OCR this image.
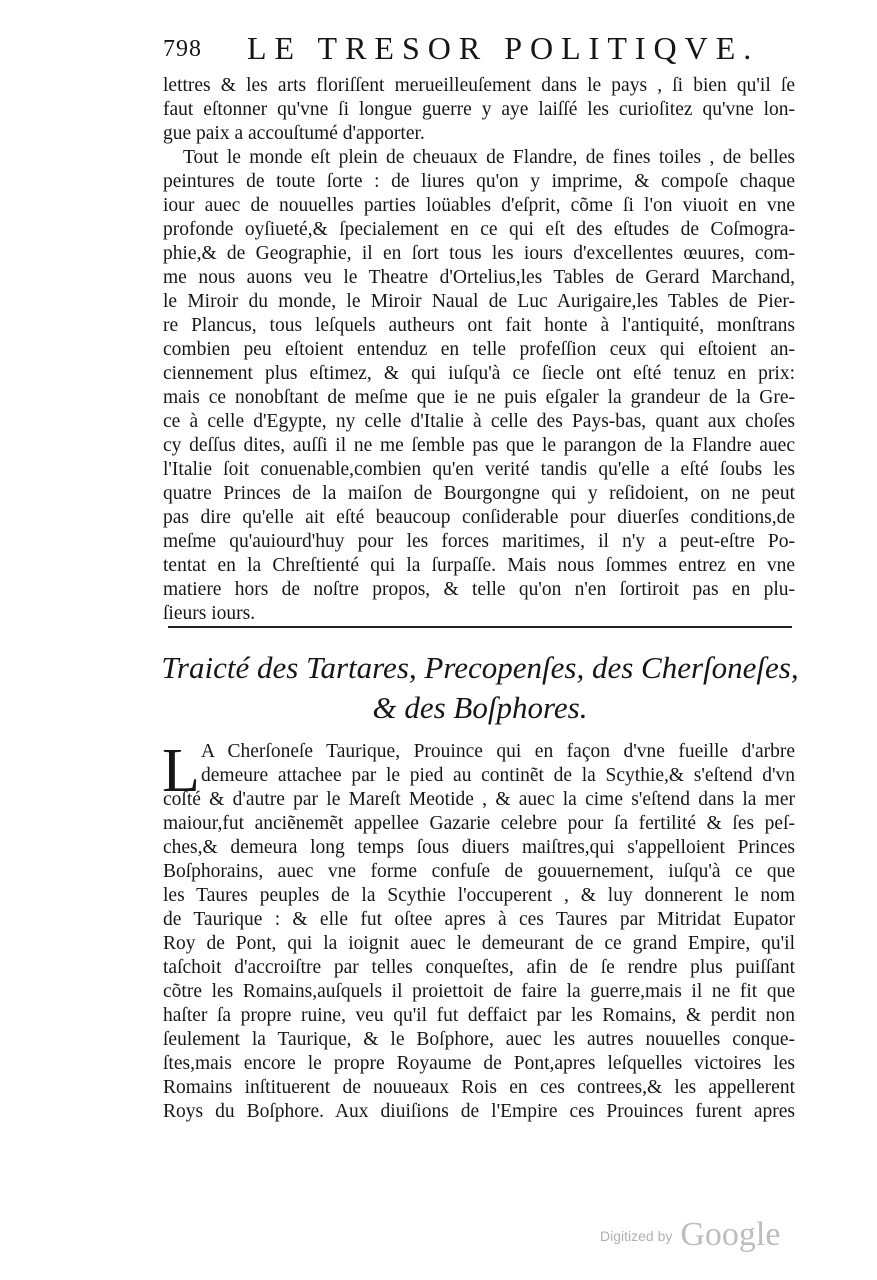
798 LE TRESOR POLITIQVE.
lettres & les arts floriſſent merueilleuſement dans le pays , ſi bien qu'il ſe
faut eſtonner qu'vne ſi longue guerre y aye laiſſé les curioſitez qu'vne lon-
gue paix a accouſtumé d'apporter.
Tout le monde eſt plein de cheuaux de Flandre, de fines toiles , de belles
peintures de toute ſorte : de liures qu'on y imprime, & compoſe chaque
iour auec de nouuelles parties loüables d'eſprit, cõme ſi l'on viuoit en vne
profonde oyſiueté,& ſpecialement en ce qui eſt des eſtudes de Coſmogra-
phie,& de Geographie, il en ſort tous les iours d'excellentes œuures, com-
me nous auons veu le Theatre d'Ortelius,les Tables de Gerard Marchand,
le Miroir du monde, le Miroir Naual de Luc Aurigaire,les Tables de Pier-
re Plancus, tous leſquels autheurs ont fait honte à l'antiquité, monſtrans
combien peu eſtoient entenduz en telle profeſſion ceux qui eſtoient an-
ciennement plus eſtimez, & qui iuſqu'à ce ſiecle ont eſté tenuz en prix:
mais ce nonobſtant de meſme que ie ne puis eſgaler la grandeur de la Gre-
ce à celle d'Egypte, ny celle d'Italie à celle des Pays-bas, quant aux choſes
cy deſſus dites, auſſi il ne me ſemble pas que le parangon de la Flandre auec
l'Italie ſoit conuenable,combien qu'en verité tandis qu'elle a eſté ſoubs les
quatre Princes de la maiſon de Bourgongne qui y reſidoient, on ne peut
pas dire qu'elle ait eſté beaucoup conſiderable pour diuerſes conditions,de
meſme qu'auiourd'huy pour les forces maritimes, il n'y a peut-eſtre Po-
tentat en la Chreſtienté qui la ſurpaſſe. Mais nous ſommes entrez en vne
matiere hors de noſtre propos, & telle qu'on n'en ſortiroit pas en plu-
ſieurs iours.
Traicté des Tartares, Precopenſes, des Cherſoneſes,
& des Boſphores.
L A Cherſoneſe Taurique, Prouince qui en façon d'vne fueille d'arbre
demeure attachee par le pied au continẽt de la Scythie,& s'eſtend d'vn
coſté & d'autre par le Mareſt Meotide , & auec la cime s'eſtend dans la mer
maiour,fut anciẽnemẽt appellee Gazarie celebre pour ſa fertilité & ſes peſ-
ches,& demeura long temps ſous diuers maiſtres,qui s'appelloient Princes
Boſphorains, auec vne forme confuſe de gouuernement, iuſqu'à ce que
les Taures peuples de la Scythie l'occuperent , & luy donnerent le nom
de Taurique : & elle fut oſtee apres à ces Taures par Mitridat Eupator
Roy de Pont, qui la ioignit auec le demeurant de ce grand Empire, qu'il
taſchoit d'accroiſtre par telles conqueſtes, afin de ſe rendre plus puiſſant
cõtre les Romains,auſquels il proiettoit de faire la guerre,mais il ne fit que
haſter ſa propre ruine, veu qu'il fut deffaict par les Romains, & perdit non
ſeulement la Taurique, & le Boſphore, auec les autres nouuelles conque-
ſtes,mais encore le propre Royaume de Pont,apres leſquelles victoires les
Romains inſtituerent de nouueaux Rois en ces contrees,& les appellerent
Roys du Boſphore. Aux diuiſions de l'Empire ces Prouinces furent apres
Digitized by Google
